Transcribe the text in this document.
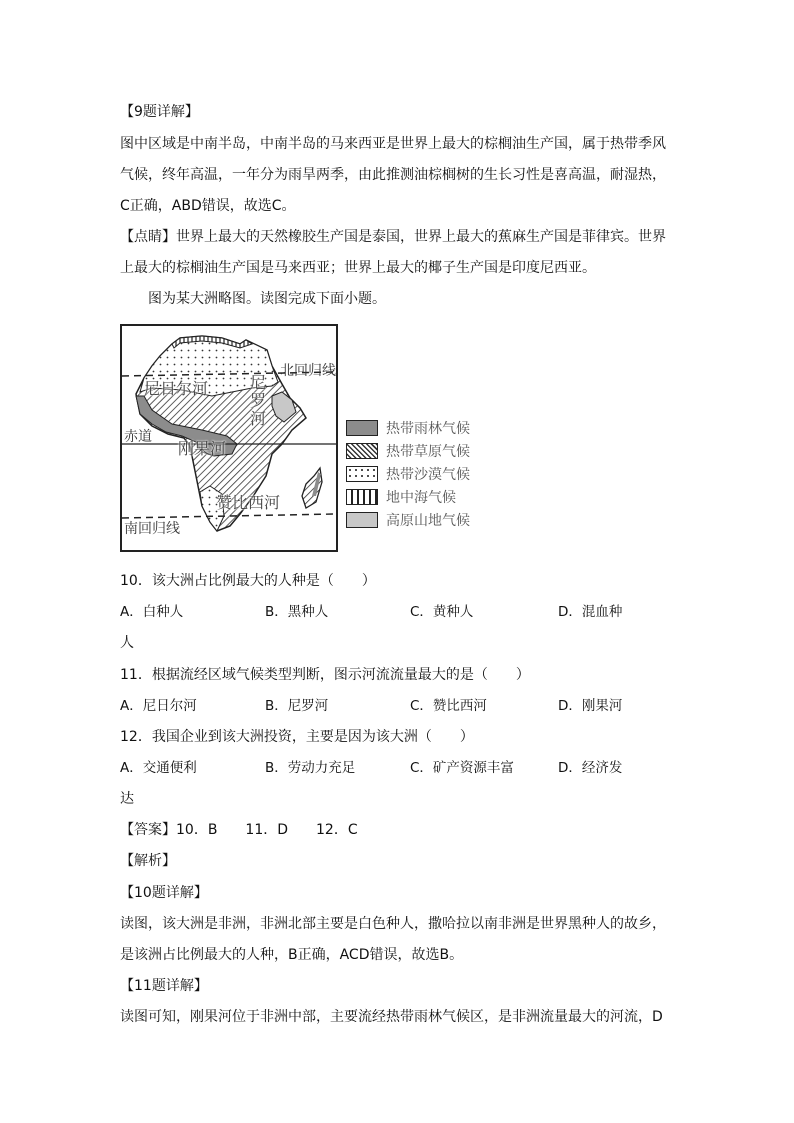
【9题详解】
图中区域是中南半岛，中南半岛的马来西亚是世界上最大的棕榈油生产国，属于热带季风
气候，终年高温，一年分为雨旱两季，由此推测油棕榈树的生长习性是喜高温，耐湿热，
C正确，ABD错误，故选C。
【点睛】世界上最大的天然橡胶生产国是泰国，世界上最大的蕉麻生产国是菲律宾。世界
上最大的棕榈油生产国是马来西亚；世界上最大的椰子生产国是印度尼西亚。
图为某大洲略图。读图完成下面小题。
北回归线
赤道
南回归线
尼日尔河	尼
罗
河
刚果河
赞比西河
热带雨林气候
热带草原气候
热带沙漠气候
地中海气候
高原山地气候
10．该大洲占比例最大的人种是（　　）
A．白种人	B．黑种人	C．黄种人	D．混血种
人
11．根据流经区域气候类型判断，图示河流流量最大的是（　　）
A．尼日尔河	B．尼罗河	C．赞比西河	D．刚果河
12．我国企业到该大洲投资，主要是因为该大洲（　　）
A．交通便利	B．劳动力充足	C．矿产资源丰富	D．经济发
达
【答案】10．B　　11．D　　12．C
【解析】
【10题详解】
读图，该大洲是非洲，非洲北部主要是白色种人，撒哈拉以南非洲是世界黑种人的故乡，
是该洲占比例最大的人种，B正确，ACD错误，故选B。
【11题详解】
读图可知，刚果河位于非洲中部，主要流经热带雨林气候区，是非洲流量最大的河流，D
